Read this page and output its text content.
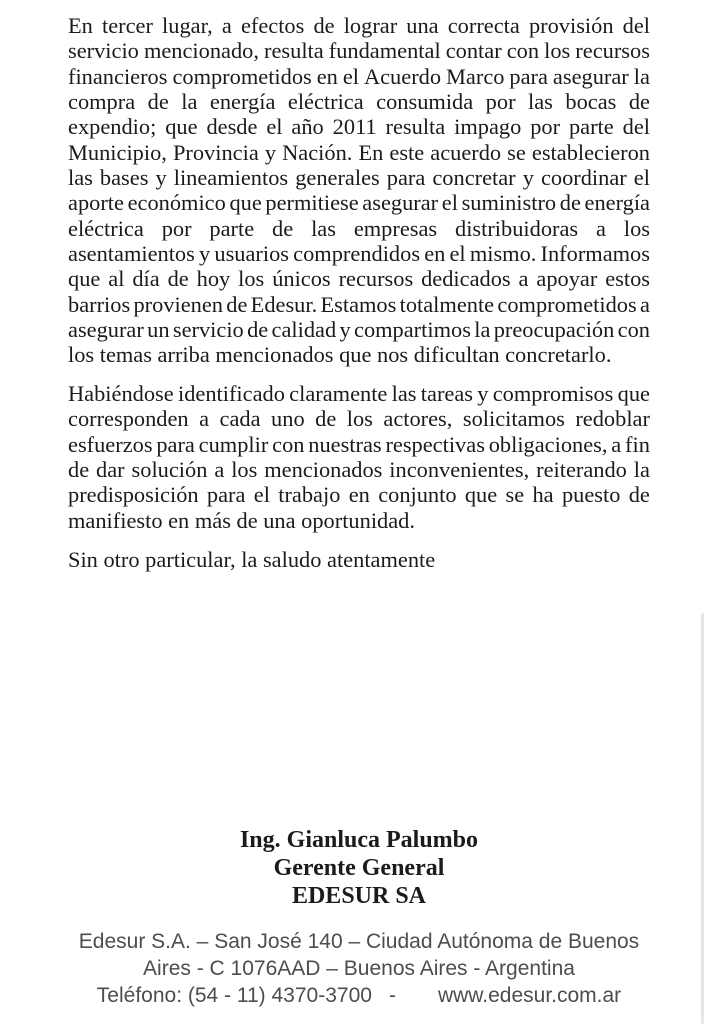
En tercer lugar, a efectos de lograr una correcta provisión del
servicio mencionado, resulta fundamental contar con los recursos
financieros comprometidos en el Acuerdo Marco para asegurar la
compra de la energía eléctrica consumida por las bocas de
expendio; que desde el año 2011 resulta impago por parte del
Municipio, Provincia y Nación. En este acuerdo se establecieron
las bases y lineamientos generales para concretar y coordinar el
aporte económico que permitiese asegurar el suministro de energía
eléctrica por parte de las empresas distribuidoras a los
asentamientos y usuarios comprendidos en el mismo. Informamos
que al día de hoy los únicos recursos dedicados a apoyar estos
barrios provienen de Edesur. Estamos totalmente comprometidos a
asegurar un servicio de calidad y compartimos la preocupación con
los temas arriba mencionados que nos dificultan concretarlo.
Habiéndose identificado claramente las tareas y compromisos que
corresponden a cada uno de los actores, solicitamos redoblar
esfuerzos para cumplir con nuestras respectivas obligaciones, a fin
de dar solución a los mencionados inconvenientes, reiterando la
predisposición para el trabajo en conjunto que se ha puesto de
manifiesto en más de una oportunidad.
Sin otro particular, la saludo atentamente
Ing. Gianluca Palumbo
Gerente General
EDESUR SA
Edesur S.A. – San José 140 – Ciudad Autónoma de Buenos
Aires - C 1076AAD – Buenos Aires - Argentina
Teléfono: (54 - 11) 4370-3700 - www.edesur.com.ar
